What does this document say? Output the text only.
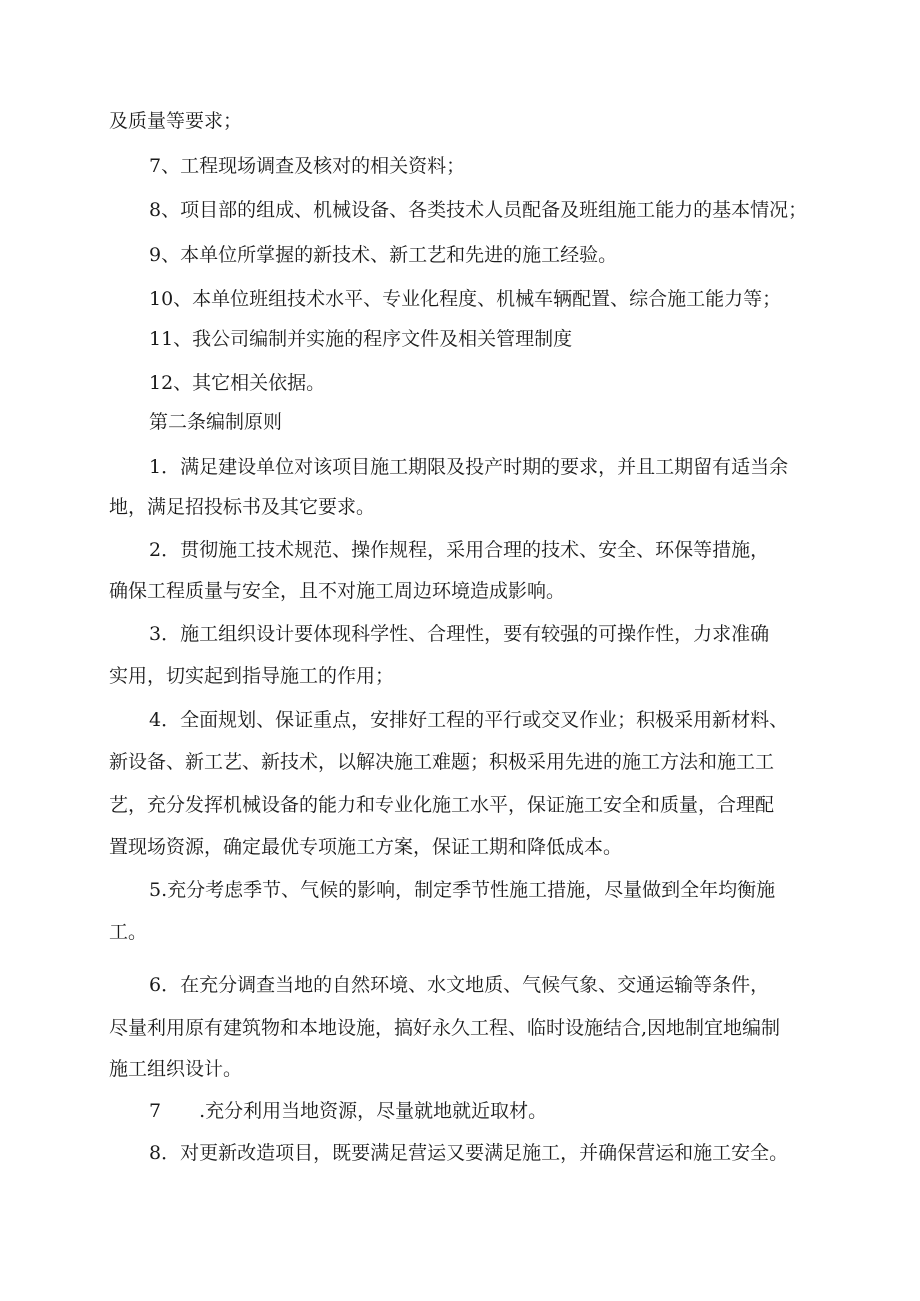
及质量等要求；

7、工程现场调查及核对的相关资料；

8、项目部的组成、机械设备、各类技术人员配备及班组施工能力的基本情况；

9、本单位所掌握的新技术、新工艺和先进的施工经验。

10、本单位班组技术水平、专业化程度、机械车辆配置、综合施工能力等；

11、我公司编制并实施的程序文件及相关管理制度

12、其它相关依据。

第二条编制原则

1．满足建设单位对该项目施工期限及投产时期的要求，并且工期留有适当余

地，满足招投标书及其它要求。

2．贯彻施工技术规范、操作规程，采用合理的技术、安全、环保等措施，

确保工程质量与安全，且不对施工周边环境造成影响。

3．施工组织设计要体现科学性、合理性，要有较强的可操作性，力求准确

实用，切实起到指导施工的作用；

4．全面规划、保证重点，安排好工程的平行或交叉作业；积极采用新材料、

新设备、新工艺、新技术，以解决施工难题；积极采用先进的施工方法和施工工

艺，充分发挥机械设备的能力和专业化施工水平，保证施工安全和质量，合理配

置现场资源，确定最优专项施工方案，保证工期和降低成本。

5.充分考虑季节、气候的影响，制定季节性施工措施，尽量做到全年均衡施

工。

6．在充分调查当地的自然环境、水文地质、气候气象、交通运输等条件，

尽量利用原有建筑物和本地设施，搞好永久工程、临时设施结合,因地制宜地编制

施工组织设计。

7　　.充分利用当地资源，尽量就地就近取材。

8．对更新改造项目，既要满足营运又要满足施工，并确保营运和施工安全。
